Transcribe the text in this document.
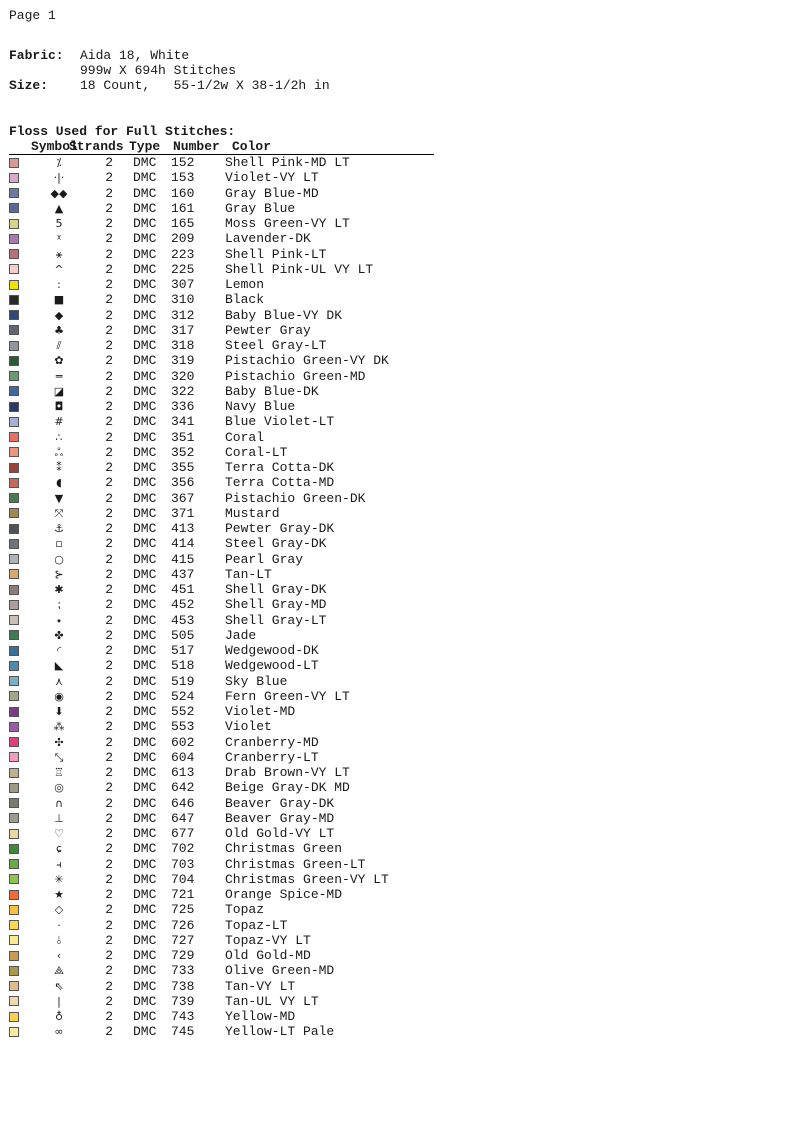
Page 1
Fabric:	Aida 18, White
999w X 694h Stitches
Size:	18 Count,   55-1/2w X 38-1/2h in
Floss Used for Full Stitches:
Symbol
Strands Type Number Color
⁒	2	DMC	152	Shell Pink-MD LT
·|·	2	DMC	153	Violet-VY LT
◆◆	2	DMC	160	Gray Blue-MD
▲	2	DMC	161	Gray Blue
5	2	DMC	165	Moss Green-VY LT
ᵡ	2	DMC	209	Lavender-DK
⚹	2	DMC	223	Shell Pink-LT
^	2	DMC	225	Shell Pink-UL VY LT
:	2	DMC	307	Lemon
■	2	DMC	310	Black
◆	2	DMC	312	Baby Blue-VY DK
♣	2	DMC	317	Pewter Gray
⫽	2	DMC	318	Steel Gray-LT
✿	2	DMC	319	Pistachio Green-VY DK
═	2	DMC	320	Pistachio Green-MD
◪	2	DMC	322	Baby Blue-DK
◘	2	DMC	336	Navy Blue
#	2	DMC	341	Blue Violet-LT
∴	2	DMC	351	Coral
ஃ	2	DMC	352	Coral-LT
⁑	2	DMC	355	Terra Cotta-DK
◖	2	DMC	356	Terra Cotta-MD
▼	2	DMC	367	Pistachio Green-DK
⤧	2	DMC	371	Mustard
⚓	2	DMC	413	Pewter Gray-DK
▫	2	DMC	414	Steel Gray-DK
○	2	DMC	415	Pearl Gray
⊱	2	DMC	437	Tan-LT
✱	2	DMC	451	Shell Gray-DK
⁏	2	DMC	452	Shell Gray-MD
⬩	2	DMC	453	Shell Gray-LT
✤	2	DMC	505	Jade
◜	2	DMC	517	Wedgewood-DK
◣	2	DMC	518	Wedgewood-LT
⋏	2	DMC	519	Sky Blue
◉	2	DMC	524	Fern Green-VY LT
⬇	2	DMC	552	Violet-MD
⁂	2	DMC	553	Violet
✣	2	DMC	602	Cranberry-MD
⤡	2	DMC	604	Cranberry-LT
♖	2	DMC	613	Drab Brown-VY LT
◎	2	DMC	642	Beige Gray-DK MD
∩	2	DMC	646	Beaver Gray-DK
⊥	2	DMC	647	Beaver Gray-MD
♡	2	DMC	677	Old Gold-VY LT
ɕ	2	DMC	702	Christmas Green
⫞	2	DMC	703	Christmas Green-LT
✳	2	DMC	704	Christmas Green-VY LT
★	2	DMC	721	Orange Spice-MD
◇	2	DMC	725	Topaz
·	2	DMC	726	Topaz-LT
⫰	2	DMC	727	Topaz-VY LT
‹	2	DMC	729	Old Gold-MD
⟁	2	DMC	733	Olive Green-MD
⇖	2	DMC	738	Tan-VY LT
|	2	DMC	739	Tan-UL VY LT
♁	2	DMC	743	Yellow-MD
∞	2	DMC	745	Yellow-LT Pale
